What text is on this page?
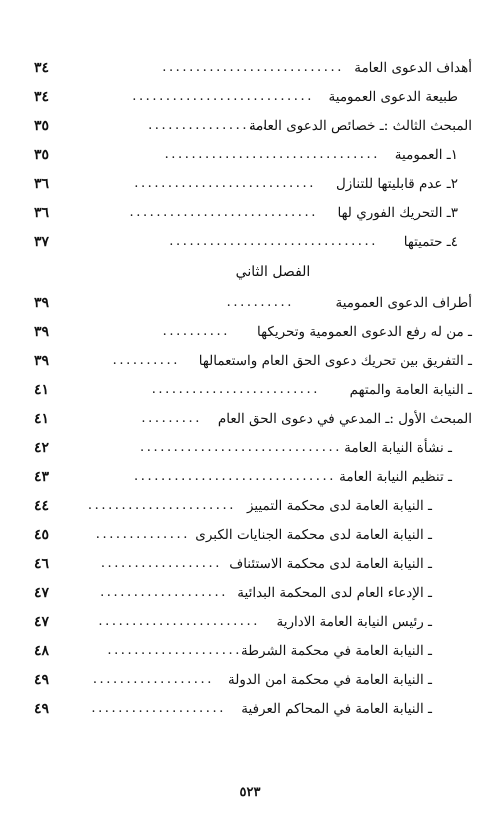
أهداف الدعوى العامة
...........................
٣٤
طبيعة الدعوى العمومية
...........................
٣٤
المبحث الثالث :ـ خصائص الدعوى العامة
...................
٣٥
١ـ العمومية
................................
٣٥
٢ـ عدم قابليتها للتنازل
...........................
٣٦
٣ـ التحريك الفوري لها
............................
٣٦
٤ـ حتميتها
...............................
٣٧
الفصل الثاني
أطراف الدعوى العمومية
..........
٣٩
ـ من له رفع الدعوى العمومية وتحريكها
..........
٣٩
ـ التفريق بين تحريك دعوى الحق العام واستعمالها
..........
٣٩
ـ النيابة العامة والمتهم
.........................
٤١
المبحث الأول :ـ المدعي في دعوى الحق العام
.........
٤١
ـ نشأة النيابة العامة
..............................
٤٢
ـ تنظيم النيابة العامة
..............................
٤٣
ـ النيابة العامة لدى محكمة التمييز
......................
٤٤
ـ النيابة العامة لدى محكمة الجنايات الكبرى
..............
٤٥
ـ النيابة العامة لدى محكمة الاستئناف
..................
٤٦
ـ الإدعاء العام لدى المحكمة البدائية
...................
٤٧
ـ رئيس النيابة العامة الادارية
........................
٤٧
ـ النيابة العامة في محكمة الشرطة
....................
٤٨
ـ النيابة العامة في محكمة امن الدولة
..................
٤٩
ـ النيابة العامة في المحاكم العرفية
....................
٤٩
٥٢٣
